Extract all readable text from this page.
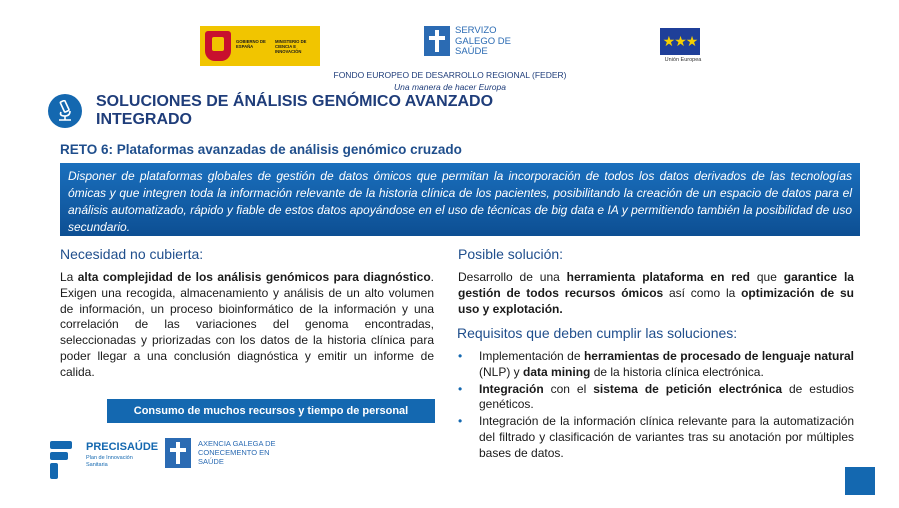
GOBIERNO DE ESPAÑA
MINISTERIO DE CIENCIA E INNOVACIÓN
SERVIZO GALEGO DE SAÚDE
★★★
Unión Europea
FONDO EUROPEO DE DESARROLLO REGIONAL (FEDER)
Una manera de hacer Europa
SOLUCIONES DE ÁNÁLISIS GENÓMICO AVANZADO INTEGRADO
RETO 6: Plataformas avanzadas de análisis genómico cruzado

Disponer de plataformas globales de gestión de datos ómicos que permitan la incorporación de todos los datos derivados de las tecnologías ómicas y que integren toda la información relevante de la historia clínica de los pacientes, posibilitando la creación de un espacio de datos para el análisis automatizado, rápido y fiable de estos datos apoyándose en el uso de técnicas de big data e IA y permitiendo también la posibilidad de uso secundario.

Necesidad no cubierta:

La alta complejidad de los análisis genómicos para diagnóstico. Exigen una recogida, almacenamiento y análisis de un alto volumen de información, un proceso bioinformático de la información y una correlación de las variaciones del genoma encontradas, seleccionadas y priorizadas con los datos de la historia clínica para poder llegar a una conclusión diagnóstica y emitir un informe de calida.

Consumo de muchos recursos y tiempo de personal
Posible solución:

Desarrollo de una herramienta plataforma en red que garantice la gestión de todos recursos ómicos así como la optimización de su uso y explotación.

Requisitos que deben cumplir las soluciones:
• Implementación de herramientas de procesado de lenguaje natural (NLP) y data mining de la historia clínica electrónica.
• Integración con el sistema de petición electrónica de estudios genéticos.
• Integración de la información clínica relevante para la automatización del filtrado y clasificación de variantes tras su anotación por múltiples bases de datos.
PRECISAÚDE
Plan de Innovación Sanitaria
AXENCIA GALEGA DE CONECEMENTO EN SAÚDE
